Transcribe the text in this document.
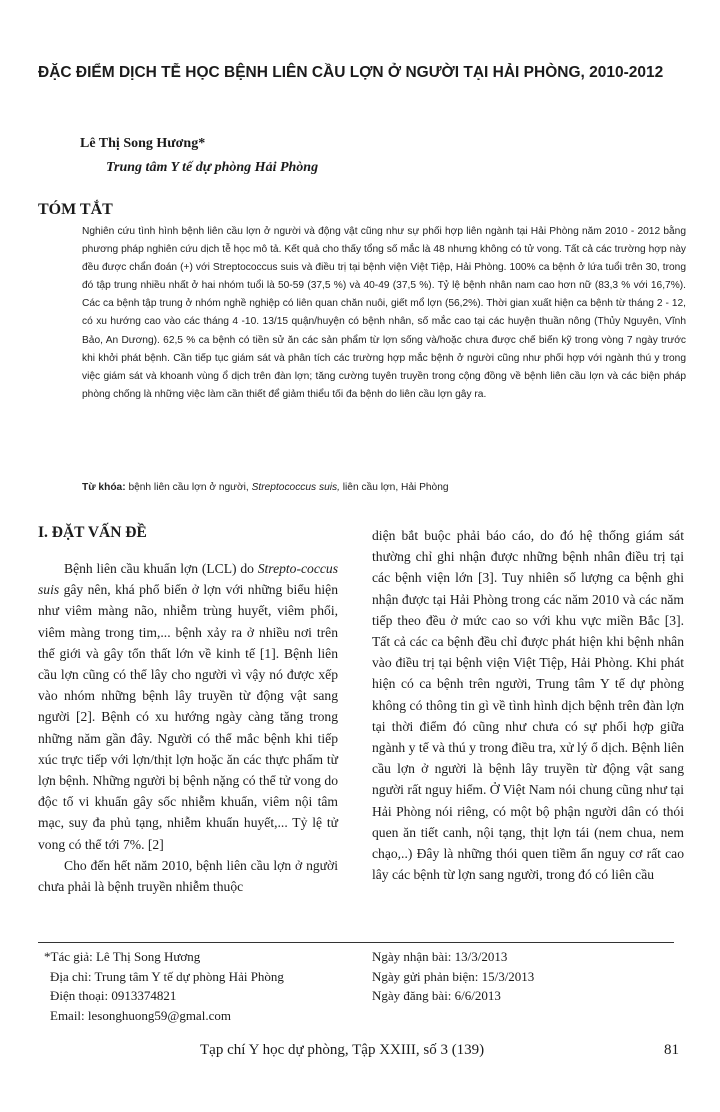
ĐẶC ĐIỂM DỊCH TỄ HỌC BỆNH LIÊN CẦU LỢN Ở NGƯỜI TẠI HẢI PHÒNG, 2010-2012
Lê Thị Song Hương*
Trung tâm Y tế dự phòng Hải Phòng
TÓM TẮT

Nghiên cứu tình hình bệnh liên cầu lợn ở người và động vật cũng như sự phối hợp liên ngành tại Hải Phòng năm 2010 - 2012 bằng phương pháp nghiên cứu dịch tễ học mô tả. Kết quả cho thấy tổng số mắc là 48 nhưng không có tử vong. Tất cả các trường hợp này đều được chẩn đoán (+) với Streptococcus suis và điều trị tại bệnh viện Việt Tiệp, Hải Phòng. 100% ca bệnh ở lứa tuổi trên 30, trong đó tập trung nhiều nhất ở hai nhóm tuổi là 50-59 (37,5 %) và 40-49 (37,5 %). Tỷ lệ bệnh nhân nam cao hơn nữ (83,3 % với 16,7%). Các ca bệnh tập trung ở nhóm nghề nghiệp có liên quan chăn nuôi, giết mổ lợn (56,2%). Thời gian xuất hiện ca bệnh từ tháng 2 - 12, có xu hướng cao vào các tháng 4 -10. 13/15 quận/huyện có bệnh nhân, số mắc cao tại các huyện thuần nông (Thủy Nguyên, Vĩnh Bảo, An Dương). 62,5 % ca bệnh có tiền sử ăn các sản phẩm từ lợn sống và/hoặc chưa được chế biến kỹ trong vòng 7 ngày trước khi khởi phát bệnh. Cần tiếp tục giám sát và phân tích các trường hợp mắc bệnh ở người cũng như phối hợp với ngành thú y trong việc giám sát và khoanh vùng ổ dịch trên đàn lợn; tăng cường tuyên truyền trong cộng đồng về bệnh liên cầu lợn và các biện pháp phòng chống là những việc làm cần thiết để giảm thiểu tối đa bệnh do liên cầu lợn gây ra.

Từ khóa: bệnh liên cầu lợn ở người, Streptococcus suis, liên cầu lợn, Hải Phòng
I. ĐẶT VẤN ĐỀ

Bệnh liên cầu khuẩn lợn (LCL) do Strepto-coccus suis gây nên, khá phổ biến ở lợn với những biểu hiện như viêm màng não, nhiễm trùng huyết, viêm phổi, viêm màng trong tim,... bệnh xảy ra ở nhiều nơi trên thế giới và gây tổn thất lớn về kinh tế [1]. Bệnh liên cầu lợn cũng có thể lây cho người vì vậy nó được xếp vào nhóm những bệnh lây truyền từ động vật sang người [2]. Bệnh có xu hướng ngày càng tăng trong những năm gần đây. Người có thể mắc bệnh khi tiếp xúc trực tiếp với lợn/thịt lợn hoặc ăn các thực phẩm từ lợn bệnh. Những người bị bệnh nặng có thể tử vong do độc tố vi khuẩn gây sốc nhiễm khuẩn, viêm nội tâm mạc, suy đa phủ tạng, nhiễm khuẩn huyết,... Tỷ lệ tử vong có thể tới 7%. [2]

Cho đến hết năm 2010, bệnh liên cầu lợn ở người chưa phải là bệnh truyền nhiễm thuộc

diện bắt buộc phải báo cáo, do đó hệ thống giám sát thường chỉ ghi nhận được những bệnh nhân điều trị tại các bệnh viện lớn [3]. Tuy nhiên số lượng ca bệnh ghi nhận được tại Hải Phòng trong các năm 2010 và các năm tiếp theo đều ở mức cao so với khu vực miền Bắc [3]. Tất cả các ca bệnh đều chỉ được phát hiện khi bệnh nhân vào điều trị tại bệnh viện Việt Tiệp, Hải Phòng. Khi phát hiện có ca bệnh trên người, Trung tâm Y tế dự phòng không có thông tin gì về tình hình dịch bệnh trên đàn lợn tại thời điểm đó cũng như chưa có sự phối hợp giữa ngành y tế và thú y trong điều tra, xử lý ổ dịch. Bệnh liên cầu lợn ở người là bệnh lây truyền từ động vật sang người rất nguy hiểm. Ở Việt Nam nói chung cũng như tại Hải Phòng nói riêng, có một bộ phận người dân có thói quen ăn tiết canh, nội tạng, thịt lợn tái (nem chua, nem chạo,..) Đây là những thói quen tiềm ẩn nguy cơ rất cao lây các bệnh từ lợn sang người, trong đó có liên cầu

*Tác giả: Lê Thị Song Hương
Địa chỉ: Trung tâm Y tế dự phòng Hải Phòng
Điện thoại: 0913374821
Email: lesonghuong59@gmal.com
Ngày nhận bài: 13/3/2013
Ngày gửi phản biện: 15/3/2013
Ngày đăng bài: 6/6/2013
Tạp chí Y học dự phòng, Tập XXIII, số 3 (139)	81
